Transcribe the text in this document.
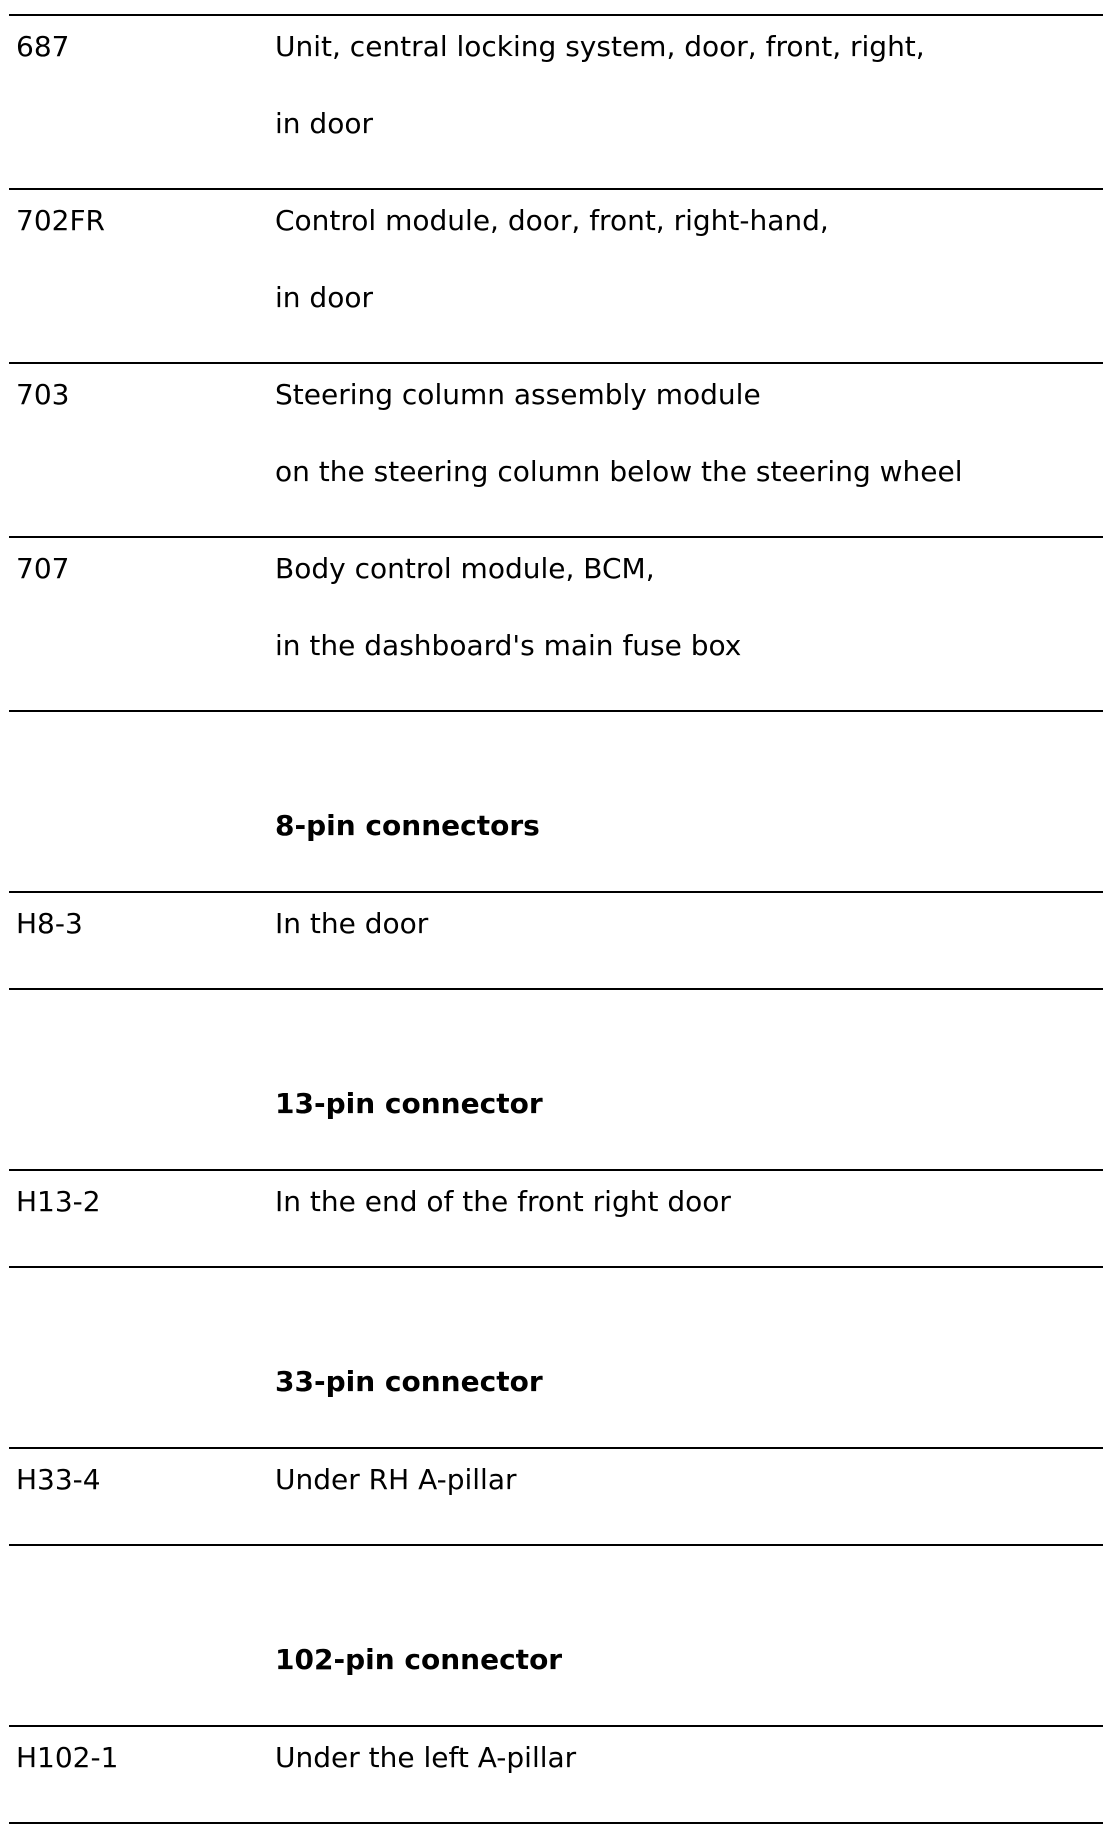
687	Unit, central locking system, door, front, right,
in door
702FR	Control module, door, front, right-hand,
in door
703	Steering column assembly module
on the steering column below the steering wheel
707	Body control module, BCM,
in the dashboard's main fuse box
8-pin connectors
H8-3	In the door
13-pin connector
H13-2	In the end of the front right door
33-pin connector
H33-4	Under RH A-pillar
102-pin connector
H102-1	Under the left A-pillar
